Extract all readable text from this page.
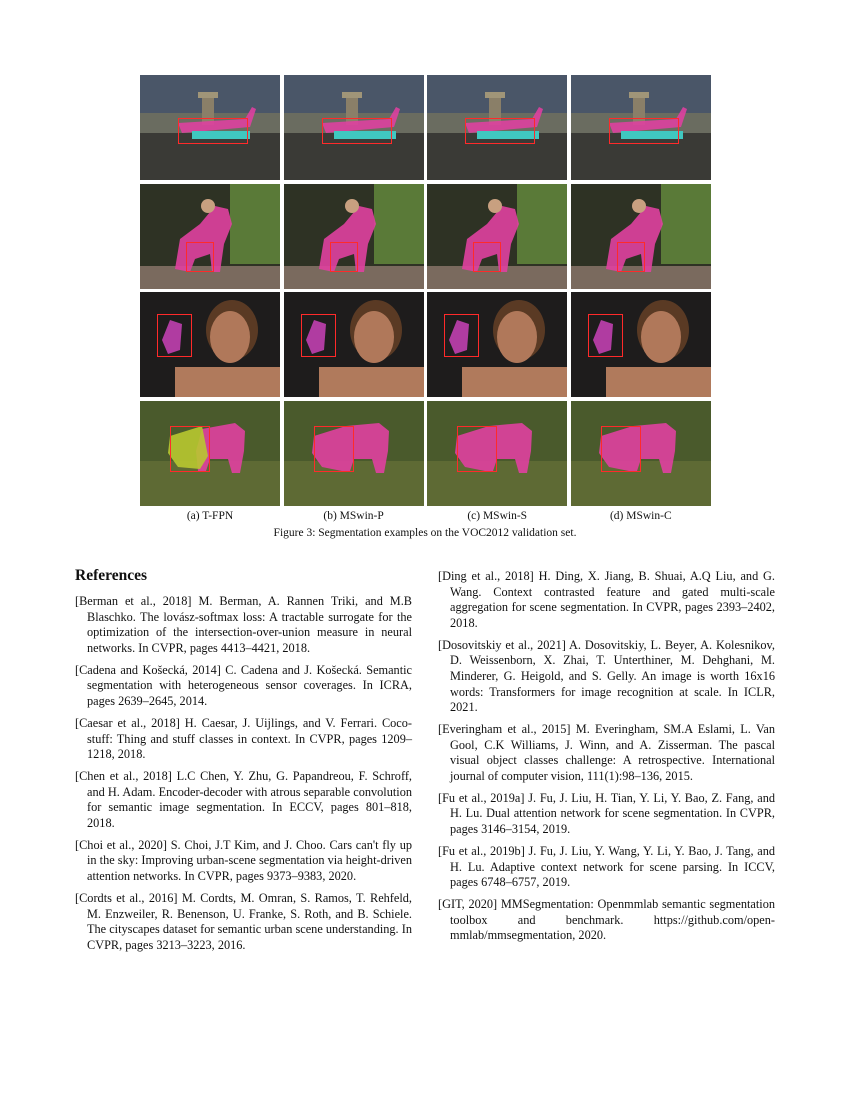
(a) T-FPN	(b) MSwin-P	(c) MSwin-S	(d) MSwin-C
Figure 3: Segmentation examples on the VOC2012 validation set.
References
[Berman et al., 2018] M. Berman, A. Rannen Triki, and M.B Blaschko. The lovász-softmax loss: A tractable surrogate for the optimization of the intersection-over-union measure in neural networks. In CVPR, pages 4413–4421, 2018.
[Cadena and Košecká, 2014] C. Cadena and J. Košecká. Semantic segmentation with heterogeneous sensor coverages. In ICRA, pages 2639–2645, 2014.
[Caesar et al., 2018] H. Caesar, J. Uijlings, and V. Ferrari. Coco-stuff: Thing and stuff classes in context. In CVPR, pages 1209–1218, 2018.
[Chen et al., 2018] L.C Chen, Y. Zhu, G. Papandreou, F. Schroff, and H. Adam. Encoder-decoder with atrous separable convolution for semantic image segmentation. In ECCV, pages 801–818, 2018.
[Choi et al., 2020] S. Choi, J.T Kim, and J. Choo. Cars can't fly up in the sky: Improving urban-scene segmentation via height-driven attention networks. In CVPR, pages 9373–9383, 2020.
[Cordts et al., 2016] M. Cordts, M. Omran, S. Ramos, T. Rehfeld, M. Enzweiler, R. Benenson, U. Franke, S. Roth, and B. Schiele. The cityscapes dataset for semantic urban scene understanding. In CVPR, pages 3213–3223, 2016.
[Ding et al., 2018] H. Ding, X. Jiang, B. Shuai, A.Q Liu, and G. Wang. Context contrasted feature and gated multi-scale aggregation for scene segmentation. In CVPR, pages 2393–2402, 2018.
[Dosovitskiy et al., 2021] A. Dosovitskiy, L. Beyer, A. Kolesnikov, D. Weissenborn, X. Zhai, T. Unterthiner, M. Dehghani, M. Minderer, G. Heigold, and S. Gelly. An image is worth 16x16 words: Transformers for image recognition at scale. In ICLR, 2021.
[Everingham et al., 2015] M. Everingham, SM.A Eslami, L. Van Gool, C.K Williams, J. Winn, and A. Zisserman. The pascal visual object classes challenge: A retrospective. International journal of computer vision, 111(1):98–136, 2015.
[Fu et al., 2019a] J. Fu, J. Liu, H. Tian, Y. Li, Y. Bao, Z. Fang, and H. Lu. Dual attention network for scene segmentation. In CVPR, pages 3146–3154, 2019.
[Fu et al., 2019b] J. Fu, J. Liu, Y. Wang, Y. Li, Y. Bao, J. Tang, and H. Lu. Adaptive context network for scene parsing. In ICCV, pages 6748–6757, 2019.
[GIT, 2020] MMSegmentation: Openmmlab semantic segmentation toolbox and benchmark. https://github.com/open-mmlab/mmsegmentation, 2020.
